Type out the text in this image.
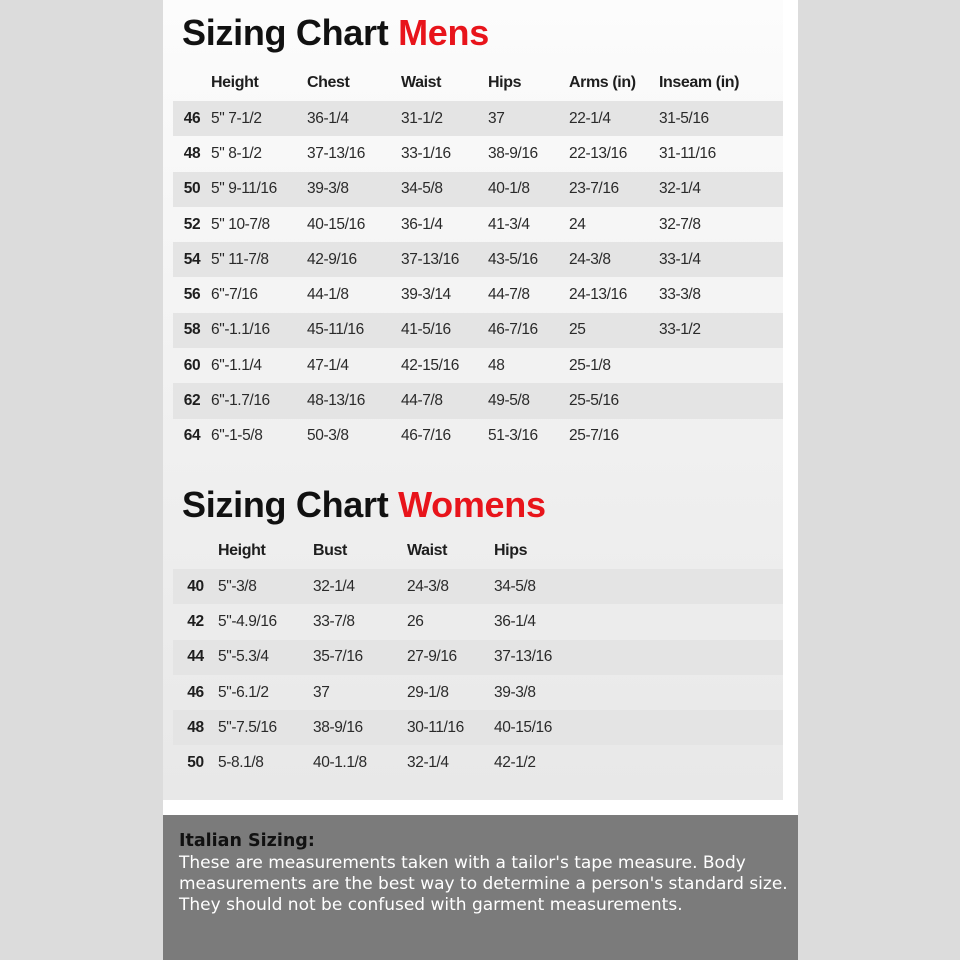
Sizing Chart Mens
	Height	Chest	Waist	Hips	Arms (in)	Inseam (in)
46	5" 7-1/2	36-1/4	31-1/2	37	22-1/4	31-5/16
48	5" 8-1/2	37-13/16	33-1/16	38-9/16	22-13/16	31-11/16
50	5" 9-11/16	39-3/8	34-5/8	40-1/8	23-7/16	32-1/4
52	5" 10-7/8	40-15/16	36-1/4	41-3/4	24	32-7/8
54	5" 11-7/8	42-9/16	37-13/16	43-5/16	24-3/8	33-1/4
56	6"-7/16	44-1/8	39-3/14	44-7/8	24-13/16	33-3/8
58	6"-1.1/16	45-11/16	41-5/16	46-7/16	25	33-1/2
60	6"-1.1/4	47-1/4	42-15/16	48	25-1/8	
62	6"-1.7/16	48-13/16	44-7/8	49-5/8	25-5/16	
64	6"-1-5/8	50-3/8	46-7/16	51-3/16	25-7/16	
Sizing Chart Womens
	Height	Bust	Waist	Hips	
40	5"-3/8	32-1/4	24-3/8	34-5/8	
42	5"-4.9/16	33-7/8	26	36-1/4	
44	5"-5.3/4	35-7/16	27-9/16	37-13/16	
46	5"-6.1/2	37	29-1/8	39-3/8	
48	5"-7.5/16	38-9/16	30-11/16	40-15/16	
50	5-8.1/8	40-1.1/8	32-1/4	42-1/2	
Italian Sizing:

These are measurements taken with a tailor's tape measure. Body measurements are the best way to determine a person's standard size. They should not be confused with garment measurements.
